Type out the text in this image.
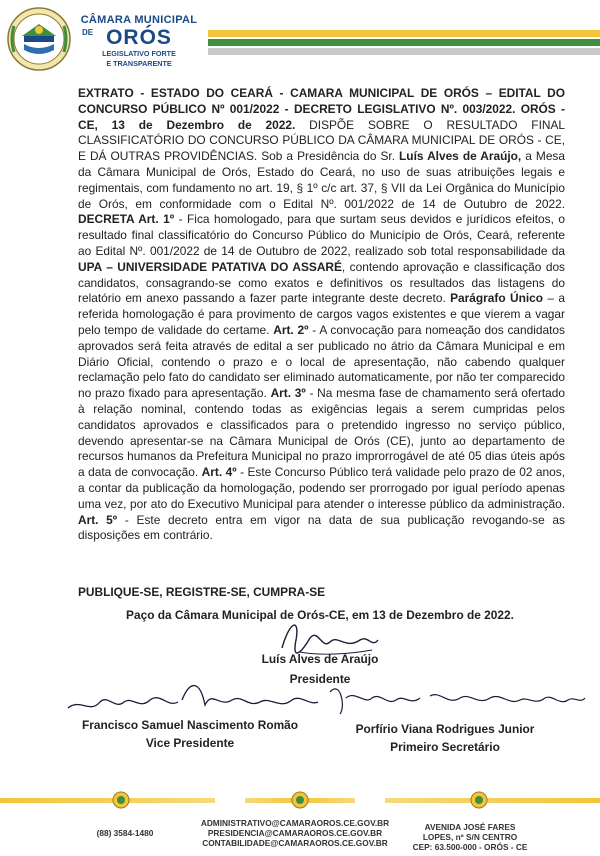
CÂMARA MUNICIPAL
DE ORÓS
LEGISLATIVO FORTE
E TRANSPARENTE
EXTRATO - ESTADO DO CEARÁ - CAMARA MUNICIPAL DE ORÓS – EDITAL DO CONCURSO PÚBLICO Nº 001/2022 - DECRETO LEGISLATIVO Nº. 003/2022. ORÓS - CE, 13 de Dezembro de 2022. DISPÕE SOBRE O RESULTADO FINAL CLASSIFICATÓRIO DO CONCURSO PÚBLICO DA CÂMARA MUNICIPAL DE ORÓS - CE, E DÁ OUTRAS PROVIDÊNCIAS. Sob a Presidência do Sr. Luís Alves de Araújo, a Mesa da Câmara Municipal de Orós, Estado do Ceará, no uso de suas atribuições legais e regimentais, com fundamento no art. 19, § 1º c/c art. 37, § VII da Lei Orgânica do Município de Orós, em conformidade com o Edital Nº. 001/2022 de 14 de Outubro de 2022. DECRETA Art. 1º - Fica homologado, para que surtam seus devidos e jurídicos efeitos, o resultado final classificatório do Concurso Público do Município de Orós, Ceará, referente ao Edital Nº. 001/2022 de 14 de Outubro de 2022, realizado sob total responsabilidade da UPA – UNIVERSIDADE PATATIVA DO ASSARÉ, contendo aprovação e classificação dos candidatos, consagrando-se como exatos e definitivos os resultados das listagens do relatório em anexo passando a fazer parte integrante deste decreto. Parágrafo Único – a referida homologação é para provimento de cargos vagos existentes e que vierem a vagar pelo tempo de validade do certame. Art. 2º - A convocação para nomeação dos candidatos aprovados será feita através de edital a ser publicado no átrio da Câmara Municipal e em Diário Oficial, contendo o prazo e o local de apresentação, não cabendo qualquer reclamação pelo fato do candidato ser eliminado automaticamente, por não ter comparecido no prazo fixado para apresentação. Art. 3º - Na mesma fase de chamamento será ofertado à relação nominal, contendo todas as exigências legais a serem cumpridas pelos candidatos aprovados e classificados para o pretendido ingresso no serviço público, devendo apresentar-se na Câmara Municipal de Orós (CE), junto ao departamento de recursos humanos da Prefeitura Municipal no prazo improrrogável de até 05 dias úteis após a data de convocação. Art. 4º - Este Concurso Público terá validade pelo prazo de 02 anos, a contar da publicação da homologação, podendo ser prorrogado por igual período apenas uma vez, por ato do Executivo Municipal para atender o interesse público da administração. Art. 5º - Este decreto entra em vigor na data de sua publicação revogando-se as disposições em contrário.
PUBLIQUE-SE, REGISTRE-SE, CUMPRA-SE
Paço da Câmara Municipal de Orós-CE, em 13 de Dezembro de 2022.
Luís Alves de Araújo
Presidente
Francisco Samuel Nascimento Romão
Vice Presidente
Porfírio Viana Rodrigues Junior
Primeiro Secretário
(88) 3584-1480
ADMINISTRATIVO@CAMARAOROS.CE.GOV.BR
PRESIDENCIA@CAMARAOROS.CE.GOV.BR
CONTABILIDADE@CAMARAOROS.CE.GOV.BR
AVENIDA JOSÉ FARES
LOPES, nº S/N CENTRO
CEP: 63.500-000 - ORÓS - CE
